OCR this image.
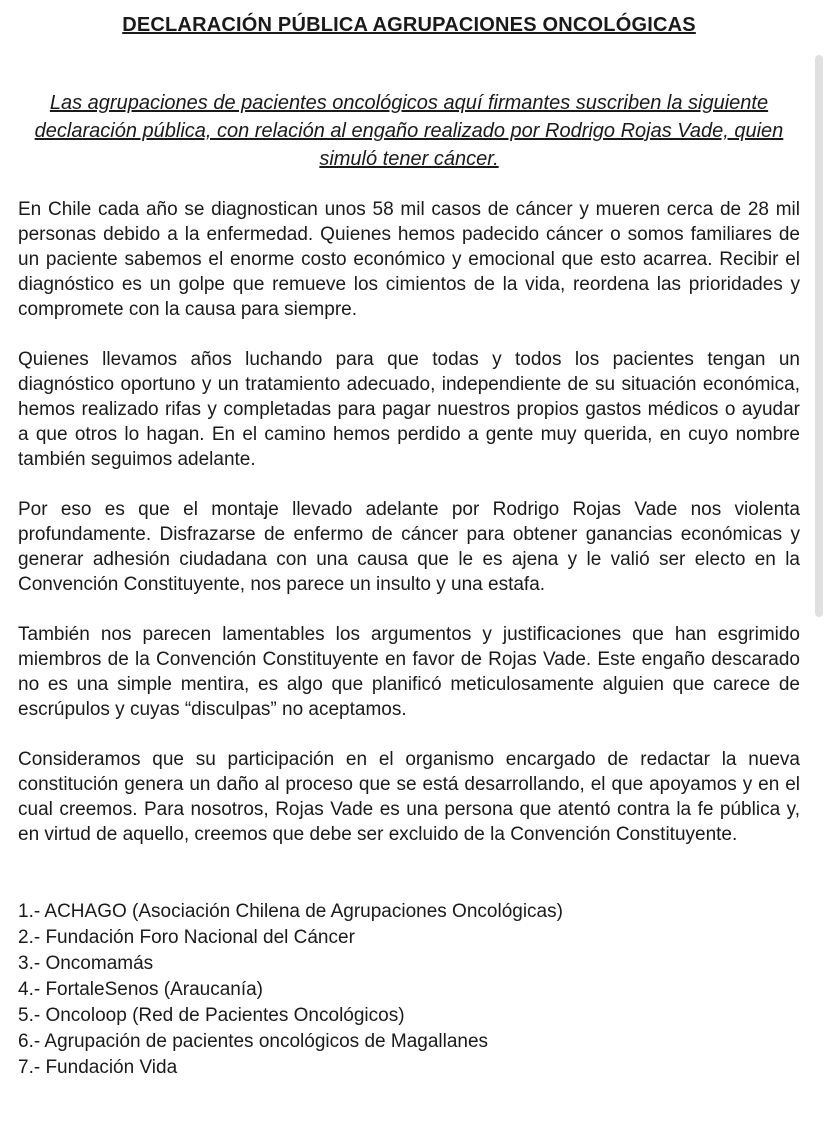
DECLARACIÓN PÚBLICA AGRUPACIONES ONCOLÓGICAS
Las agrupaciones de pacientes oncológicos aquí firmantes suscriben la siguiente declaración pública, con relación al engaño realizado por Rodrigo Rojas Vade, quien simuló tener cáncer.

En Chile cada año se diagnostican unos 58 mil casos de cáncer y mueren cerca de 28 mil personas debido a la enfermedad. Quienes hemos padecido cáncer o somos familiares de un paciente sabemos el enorme costo económico y emocional que esto acarrea. Recibir el diagnóstico es un golpe que remueve los cimientos de la vida, reordena las prioridades y compromete con la causa para siempre.

Quienes llevamos años luchando para que todas y todos los pacientes tengan un diagnóstico oportuno y un tratamiento adecuado, independiente de su situación económica, hemos realizado rifas y completadas para pagar nuestros propios gastos médicos o ayudar a que otros lo hagan. En el camino hemos perdido a gente muy querida, en cuyo nombre también seguimos adelante.

Por eso es que el montaje llevado adelante por Rodrigo Rojas Vade nos violenta profundamente. Disfrazarse de enfermo de cáncer para obtener ganancias económicas y generar adhesión ciudadana con una causa que le es ajena y le valió ser electo en la Convención Constituyente, nos parece un insulto y una estafa.

También nos parecen lamentables los argumentos y justificaciones que han esgrimido miembros de la Convención Constituyente en favor de Rojas Vade. Este engaño descarado no es una simple mentira, es algo que planificó meticulosamente alguien que carece de escrúpulos y cuyas “disculpas” no aceptamos.

Consideramos que su participación en el organismo encargado de redactar la nueva constitución genera un daño al proceso que se está desarrollando, el que apoyamos y en el cual creemos. Para nosotros, Rojas Vade es una persona que atentó contra la fe pública y, en virtud de aquello, creemos que debe ser excluido de la Convención Constituyente.

1.- ACHAGO (Asociación Chilena de Agrupaciones Oncológicas)
2.- Fundación Foro Nacional del Cáncer
3.- Oncomamás
4.- FortaleSenos (Araucanía)
5.- Oncoloop (Red de Pacientes Oncológicos)
6.- Agrupación de pacientes oncológicos de Magallanes
7.- Fundación Vida
